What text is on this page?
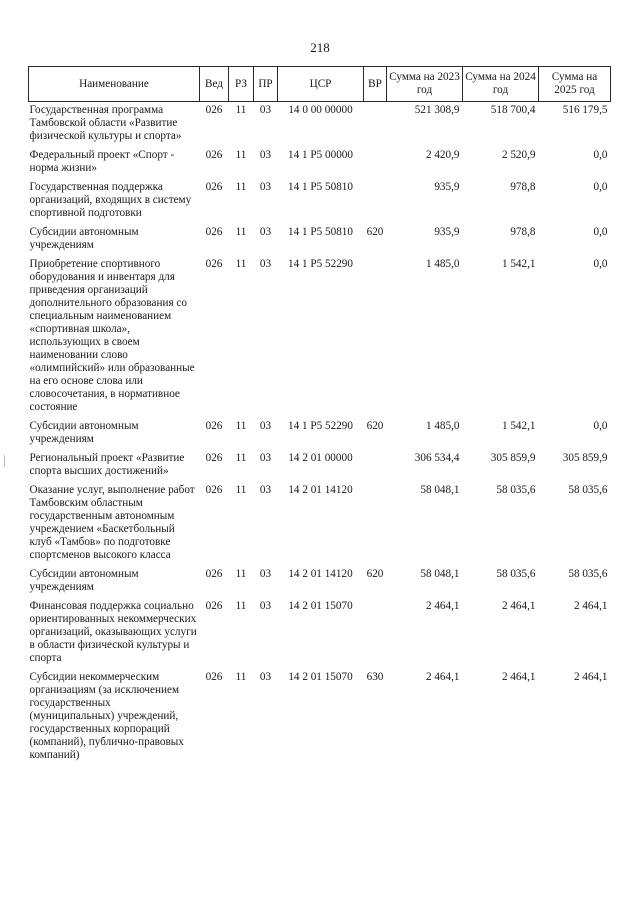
218
Наименование	Вед	РЗ	ПР	ЦСР	ВР	Сумма на 2023 год	Сумма на 2024 год	Сумма на 2025 год
Государственная программа Тамбовской области «Развитие физической культуры и спорта»	026	11	03	14 0 00 00000		521 308,9	518 700,4	516 179,5
Федеральный проект «Спорт - норма жизни»	026	11	03	14 1 P5 00000		2 420,9	2 520,9	0,0
Государственная поддержка организаций, входящих в систему спортивной подготовки	026	11	03	14 1 P5 50810		935,9	978,8	0,0
Субсидии автономным учреждениям	026	11	03	14 1 P5 50810	620	935,9	978,8	0,0
Приобретение спортивного оборудования и инвентаря для приведения организаций дополнительного образования со специальным наименованием «спортивная школа», использующих в своем наименовании слово «олимпийский» или образованные на его основе слова или словосочетания, в нормативное состояние	026	11	03	14 1 P5 52290		1 485,0	1 542,1	0,0
Субсидии автономным учреждениям	026	11	03	14 1 P5 52290	620	1 485,0	1 542,1	0,0
Региональный проект «Развитие спорта высших достижений»	026	11	03	14 2 01 00000		306 534,4	305 859,9	305 859,9
Оказание услуг, выполнение работ Тамбовским областным государственным автономным учреждением «Баскетбольный клуб «Тамбов» по подготовке спортсменов высокого класса	026	11	03	14 2 01 14120		58 048,1	58 035,6	58 035,6
Субсидии автономным учреждениям	026	11	03	14 2 01 14120	620	58 048,1	58 035,6	58 035,6
Финансовая поддержка социально ориентированных некоммерческих организаций, оказывающих услуги в области физической культуры и спорта	026	11	03	14 2 01 15070		2 464,1	2 464,1	2 464,1
Субсидии некоммерческим организациям (за исключением государственных (муниципальных) учреждений, государственных корпораций (компаний), публично-правовых компаний)	026	11	03	14 2 01 15070	630	2 464,1	2 464,1	2 464,1
